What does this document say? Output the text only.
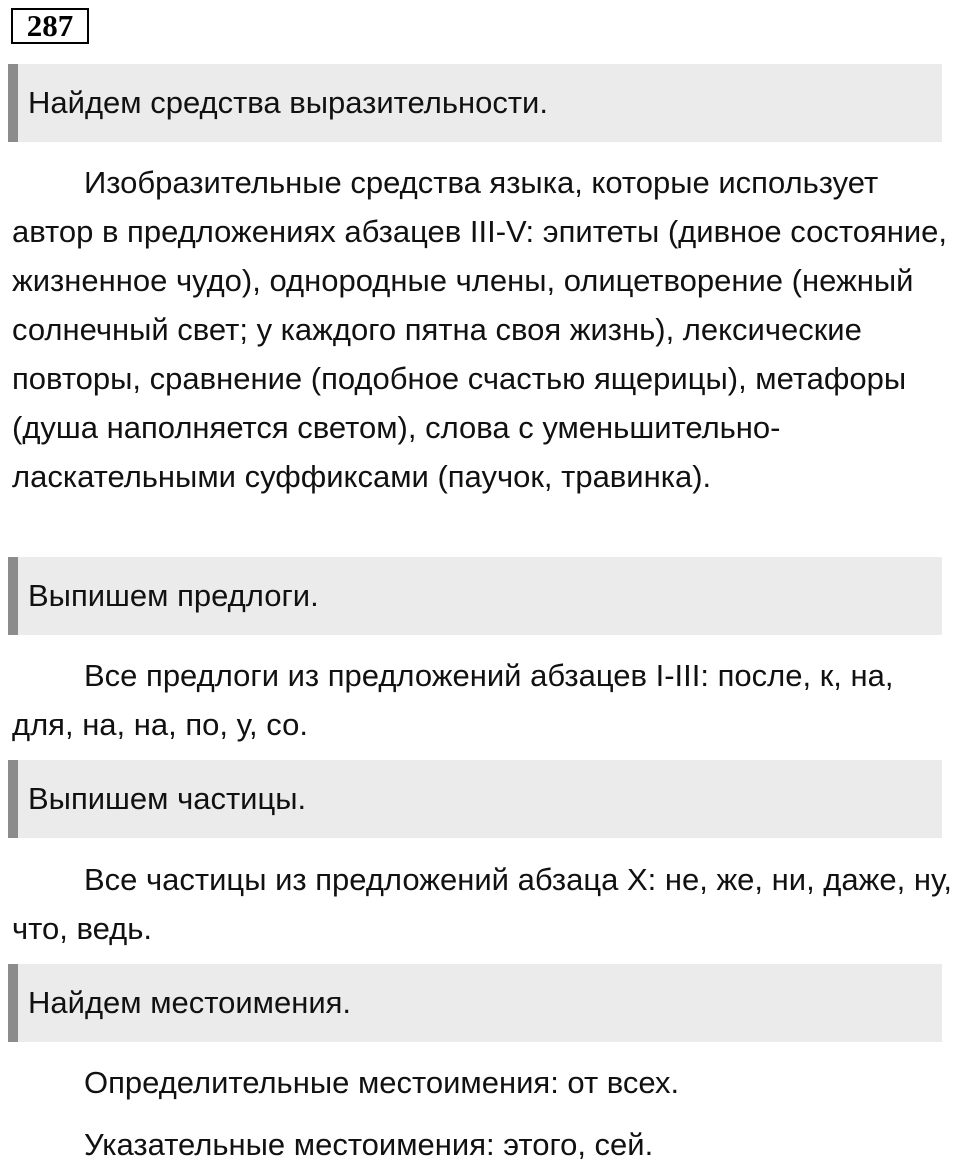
287
Найдем средства выразительности.

Изобразительные средства языка, которые использует автор в предложениях абзацев III-V: эпитеты (дивное состояние, жизненное чудо), однородные члены, олицетворение (нежный солнечный свет; у каждого пятна своя жизнь), лексические повторы, сравнение (подобное счастью ящерицы), метафоры (душа наполняется светом), слова с уменьшительно-ласкательными суффиксами (паучок, травинка).

Выпишем предлоги.

Все предлоги из предложений абзацев I-III: после, к, на, для, на, на, по, у, со.

Выпишем частицы.

Все частицы из предложений абзаца X: не, же, ни, даже, ну, что, ведь.

Найдем местоимения.

Определительные местоимения: от всех.

Указательные местоимения: этого, сей.
